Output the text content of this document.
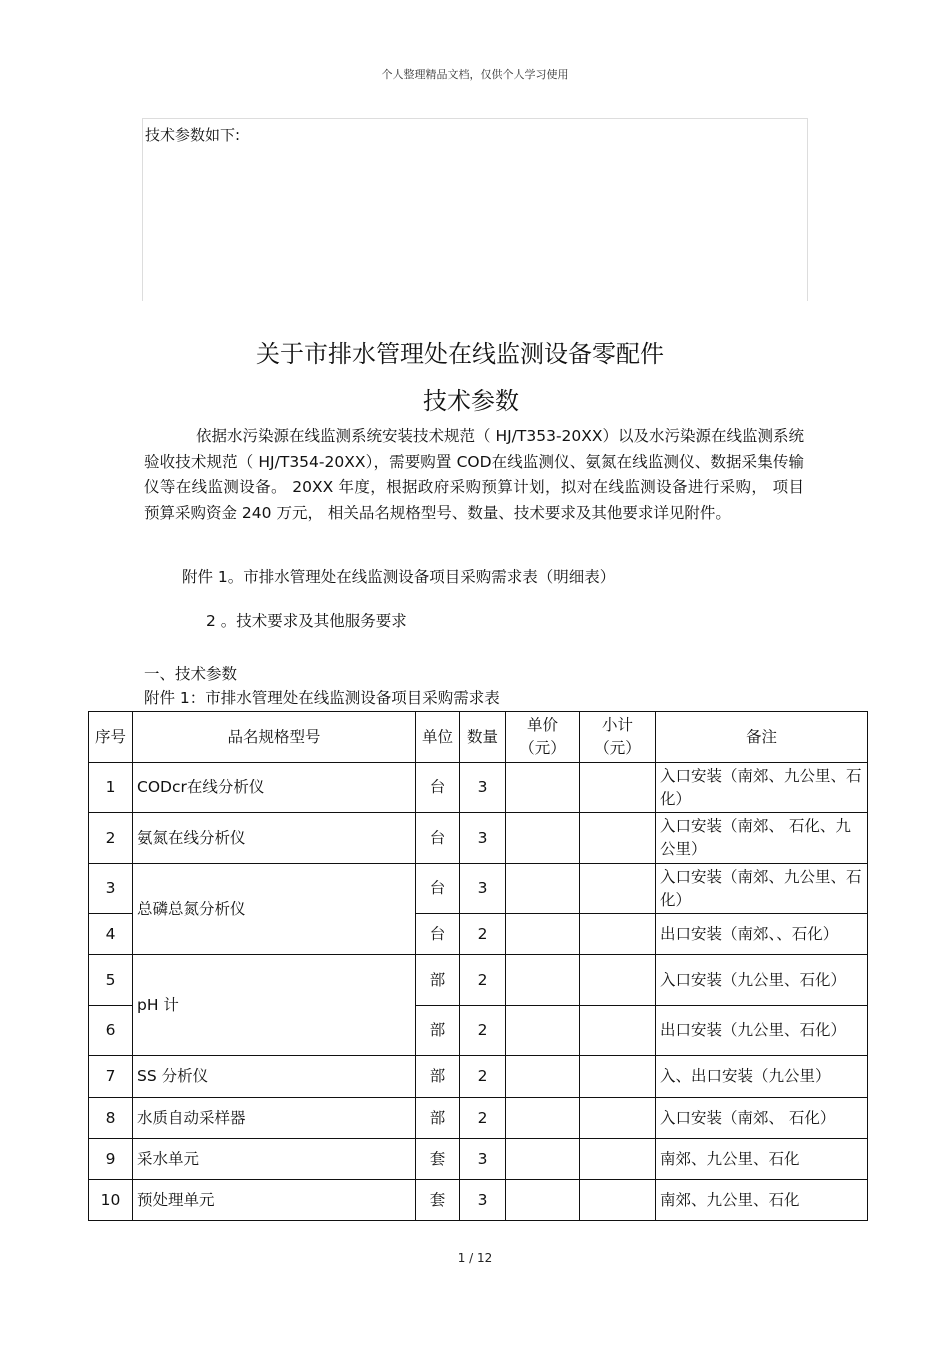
个人整理精品文档，仅供个人学习使用
技术参数如下:
关于市排水管理处在线监测设备零配件
技术参数
依据水污染源在线监测系统安装技术规范（ HJ/T353-20XX）以及水污染源在线监测系统验收技术规范（ HJ/T354-20XX），需要购置 COD在线监测仪、氨氮在线监测仪、数据采集传输仪等在线监测设备。 20XX 年度，根据政府采购预算计划，拟对在线监测设备进行采购， 项目预算采购资金 240 万元， 相关品名规格型号、数量、技术要求及其他要求详见附件。
附件 1。市排水管理处在线监测设备项目采购需求表（明细表）
2 。技术要求及其他服务要求
一、技术参数
附件 1：市排水管理处在线监测设备项目采购需求表
序号	品名规格型号	单位	数量	单价（元）	小计（元）	备注
1	CODcr在线分析仪	台	3			入口安装（南郊、九公里、石化）
2	氨氮在线分析仪	台	3			入口安装（南郊、 石化、九公里）
3	总磷总氮分析仪	台	3			入口安装（南郊、九公里、石化）
4		台	2			出口安装（南郊、、石化）
5	pH 计	部	2			入口安装（九公里、石化）
6		部	2			出口安装（九公里、石化）
7	SS 分析仪	部	2			入、出口安装（九公里）
8	水质自动采样器	部	2			入口安装（南郊、 石化）
9	采水单元	套	3			南郊、九公里、石化
10	预处理单元	套	3			南郊、九公里、石化
1 / 12
